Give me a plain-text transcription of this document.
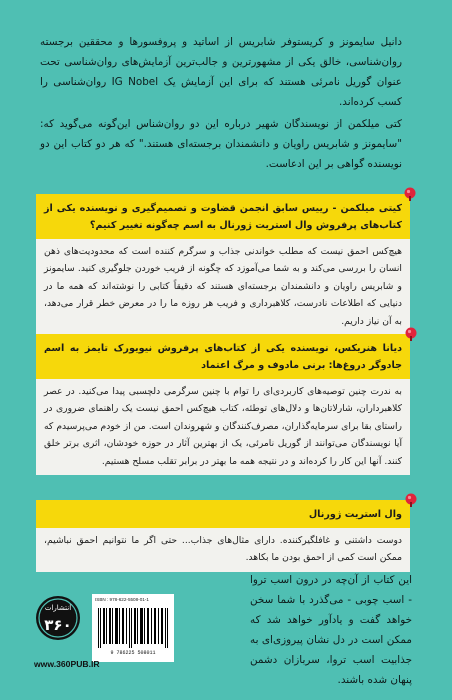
دانیل سایمونز و کریستوفر شابریس از اساتید و پروفسورها و محققین برجسته روان‌شناسی، خالق یکی از مشهورترین و جالب‌ترین آزمایش‌های روان‌شناسی تحت عنوان گوریل نامرئی هستند که برای این آزمایش یک IG Nobel روان‌شناسی را کسب کرده‌اند.

کتی میلکمن از نویسندگان شهیر درباره این دو روان‌شناس این‌گونه می‌گوید که: "سایمونز و شابریس راویان و دانشمندان برجسته‌ای هستند." که هر دو کتاب این دو نویسنده گواهی بر این ادعاست.

کیتی میلکمن - رییس سابق انجمن قضاوت و تصمیم‌گیری و نویسنده یکی از کتاب‌های پرفروش وال استریت ژورنال به اسم چه‌گونه تغییر کنیم؟

هیچ‌کس احمق نیست که مطلب خواندنی جذاب و سرگرم کننده است که محدودیت‌های ذهن انسان را بررسی می‌کند و به شما می‌آموزد که چگونه از فریب خوردن جلوگیری کنید. سایمونز و شابریس راویان و دانشمندان برجسته‌ای هستند که دقیقاً کتابی را نوشته‌اند که همه ما در دنیایی که اطلاعات نادرست، کلاهبرداری و فریب هر روزه ما را در معرض خطر قرار می‌دهد، به آن نیاز داریم.

دیانا هنریکس، نویسنده یکی از کتاب‌های پرفروش نیویورک تایمز به اسم جادوگر دروغ‌ها: برنی مادوف و مرگ اعتماد

به ندرت چنین توصیه‌های کاربردی‌ای را توام با چنین سرگرمی دلچسبی پیدا می‌کنید. در عصر کلاهبرداران، شارلاتان‌ها و دلال‌های توطئه، کتاب هیچ‌کس احمق نیست یک راهنمای ضروری در راستای بقا برای سرمایه‌گذاران، مصرف‌کنندگان و شهروندان است. من از خودم می‌پرسیدم که آیا نویسندگان می‌توانند از گوریل نامرئی، یک از بهترین آثار در حوزه خودشان، اثری برتر خلق کنند. آنها این کار را کرده‌اند و در نتیجه همه ما بهتر در برابر تقلب مسلح هستیم.

وال استریت ژورنال

دوست داشتنی و غافلگیرکننده. دارای مثال‌های جذاب... حتی اگر ما نتوانیم احمق نباشیم، ممکن است کمی از احمق بودن ما بکاهد.

این کتاب از آن‌چه در درون اسب تروا - اسب چوبی - می‌گذرد با شما سخن خواهد گفت و یادآور خواهد شد که ممکن است در دل نشان پیروزی‌ای به جذابیت اسب تروا، سربازان دشمن پنهان شده باشند.
ISBN : 978-622-5508-01-1
9 786225 508011
انتشارات
۳۶۰
www.360PUB.IR
